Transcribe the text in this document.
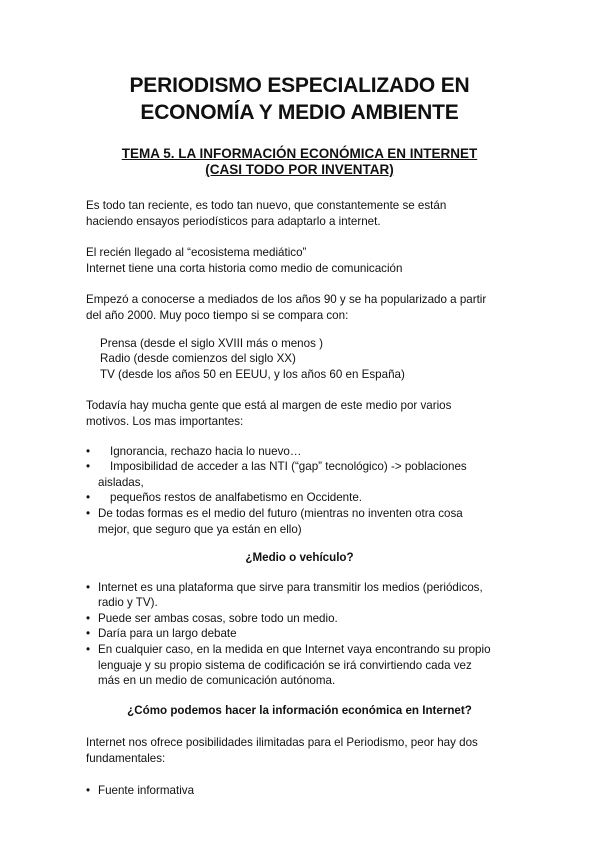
PERIODISMO ESPECIALIZADO EN
ECONOMÍA Y MEDIO AMBIENTE
TEMA 5. LA INFORMACIÓN ECONÓMICA EN INTERNET
(CASI TODO POR INVENTAR)

Es todo tan reciente, es todo tan nuevo, que constantemente se están
haciendo ensayos periodísticos para adaptarlo a internet.

El recién llegado al “ecosistema mediático”
Internet tiene una corta historia como medio de comunicación

Empezó a conocerse a mediados de los años 90 y se ha popularizado a partir
del año 2000. Muy poco tiempo si se compara con:

Prensa (desde el siglo XVIII más o menos )
Radio (desde comienzos del siglo XX)
TV (desde los años 50 en EEUU, y los años 60 en España)

Todavía hay mucha gente que está al margen de este medio por varios
motivos. Los mas importantes:

•	Ignorancia, rechazo hacia lo nuevo…
•	Imposibilidad de acceder a las NTI (“gap” tecnológico) -> poblaciones
aisladas,
•	pequeños restos de analfabetismo en Occidente.
• De todas formas es el medio del futuro (mientras no inventen otra cosa
mejor, que seguro que ya están en ello)
¿Medio o vehículo?
• Internet es una plataforma que sirve para transmitir los medios (periódicos,
radio y TV).
• Puede ser ambas cosas, sobre todo un medio.
• Daría para un largo debate
• En cualquier caso, en la medida en que Internet vaya encontrando su propio
lenguaje y su propio sistema de codificación se irá convirtiendo cada vez
más en un medio de comunicación autónoma.
¿Cómo podemos hacer la información económica en Internet?

Internet nos ofrece posibilidades ilimitadas para el Periodismo, peor hay dos
fundamentales:

• Fuente informativa
